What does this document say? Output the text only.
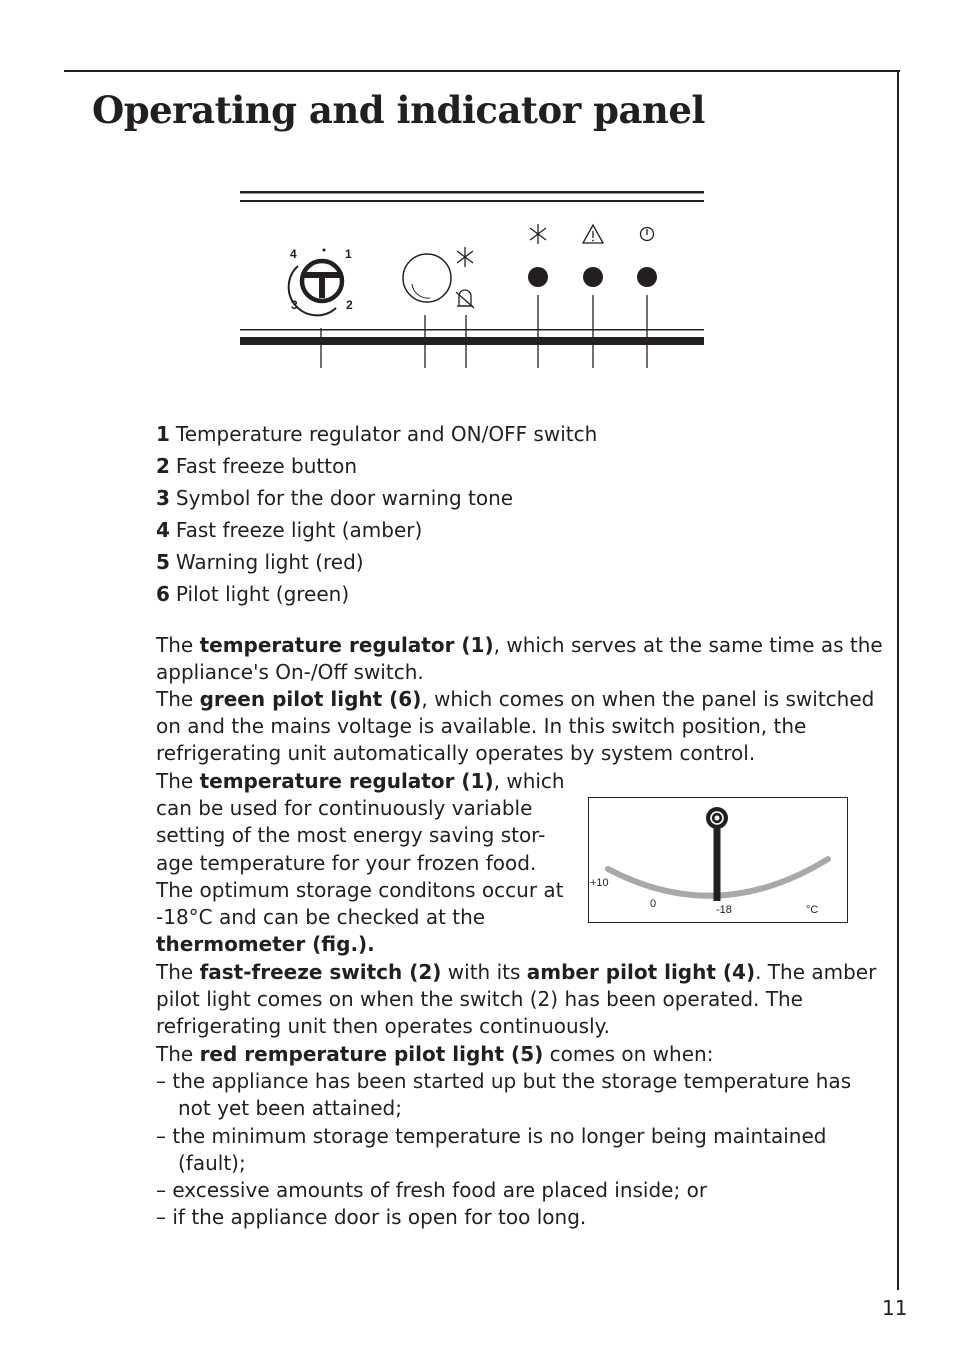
Operating and indicator panel
4	1
3	2
1 Temperature regulator and ON/OFF switch
2 Fast freeze button
3 Symbol for the door warning tone
4 Fast freeze light (amber)
5 Warning light (red)
6 Pilot light (green)
The temperature regulator (1), which serves at the same time as the
appliance's On-/Off switch.
The green pilot light (6), which comes on when the panel is switched
on and the mains voltage is available. In this switch position, the
refrigerating unit automatically operates by system control.
The temperature regulator (1), which
can be used for continuously variable
setting of the most energy saving stor-
age temperature for your frozen food.
The optimum storage conditons occur at
-18°C and can be checked at the
thermometer (fig.).
+10
0	-18	°C
The fast-freeze switch (2) with its amber pilot light (4). The amber
pilot light comes on when the switch (2) has been operated. The
refrigerating unit then operates continuously.
The red remperature pilot light (5) comes on when:
– the appliance has been started up but the storage temperature has
not yet been attained;
– the minimum storage temperature is no longer being maintained
(fault);
– excessive amounts of fresh food are placed inside; or
– if the appliance door is open for too long.
11
